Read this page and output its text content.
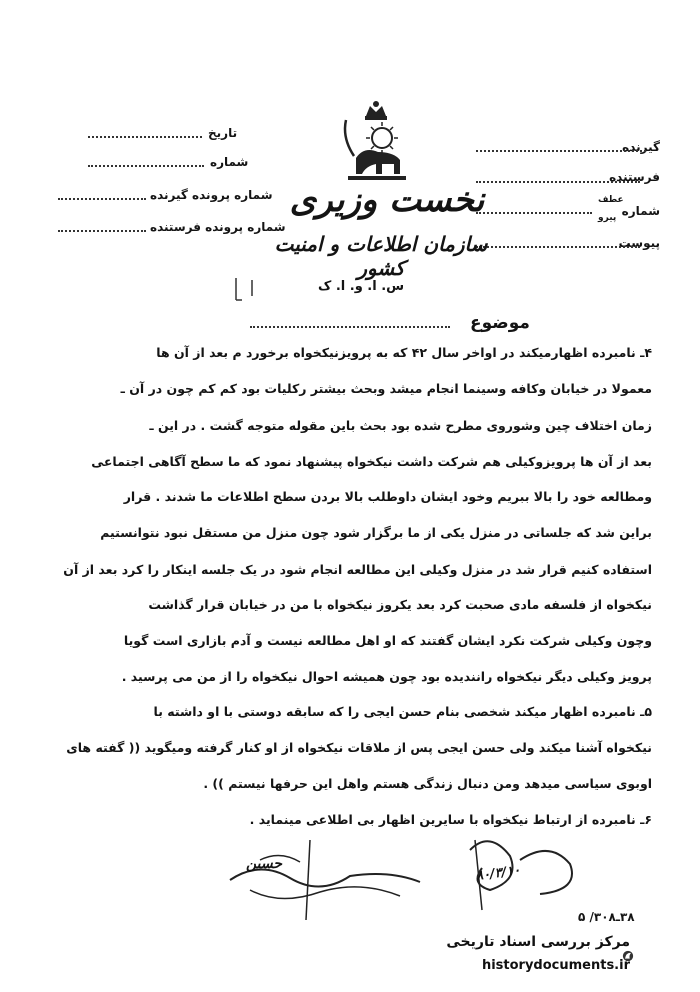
گیرنده
فرستنده
شماره
عطف
پیرو
پیوست
تاریخ
شماره
شماره پرونده گیرنده
شماره پرونده فرستنده
نخست وزیری
سازمان اطلاعات و امنیت کشور
س. ا. و. ا. ک
موضوع
۴ـ نامبرده اظهارمیکند در اواخر سال ۴۲ که به پرویزنیکخواه برخورد م بعد از آن ها
معمولا در خیابان وکافه وسینما انجام میشد وبحث بیشتر رکلیات بود کم کم چون در آن ـ
زمان اختلاف چین وشوروی مطرح شده بود بحث باین مقوله متوجه گشت . در این ـ
بعد از آن ها پرویزوکیلی هم شرکت داشت نیکخواه پیشنهاد نمود که ما سطح آگاهی اجتماعی
ومطالعه خود را بالا ببریم وخود ایشان داوطلب بالا بردن سطح اطلاعات ما شدند . قرار
براین شد که جلساتی در منزل یکی از ما برگزار شود چون منزل من مستقل نبود نتوانستیم
استفاده کنیم قرار شد در منزل وکیلی این مطالعه انجام شود در یک جلسه اینکار را کرد بعد از آن
نیکخواه از فلسفه مادی صحبت کرد بعد یکروز نیکخواه با من در خیابان قرار گذاشت
وچون وکیلی شرکت نکرد ایشان گفتند که او اهل مطالعه نیست و آدم بازاری است گویا
پرویز وکیلی دیگر نیکخواه رانندیده بود چون همیشه احوال نیکخواه را از من می پرسید .
۵ـ نامبرده اظهار میکند شخصی بنام حسن ایجی را که سابقه دوستی با او داشته با
نیکخواه آشنا میکند ولی حسن ایجی پس از ملاقات نیکخواه از او کنار گرفته ومیگوید (( گفته های
اوبوی سیاسی میدهد ومن دنبال زندگی هستم واهل این حرفها نیستم )) .
۶ـ نامبرده از ارتباط نیکخواه با سایرین اظهار بی اطلاعی مینماید .
حسین	۸۰/۳/۱۰
۳۸ـ۳۰۸/ ۵
مرکز بررسی اسناد تاریخی
historydocuments.ir
